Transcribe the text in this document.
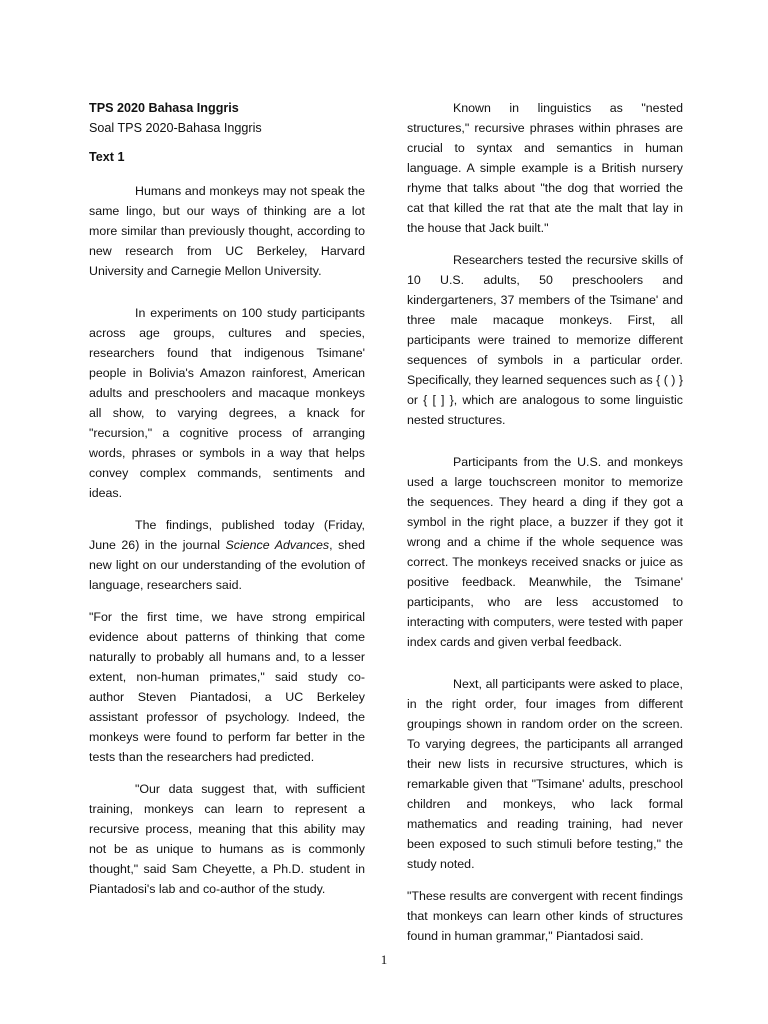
TPS 2020 Bahasa Inggris

Soal TPS 2020-Bahasa Inggris

Text 1

Humans and monkeys may not speak the same lingo, but our ways of thinking are a lot more similar than previously thought, according to new research from UC Berkeley, Harvard University and Carnegie Mellon University.

In experiments on 100 study participants across age groups, cultures and species, researchers found that indigenous Tsimane' people in Bolivia's Amazon rainforest, American adults and preschoolers and macaque monkeys all show, to varying degrees, a knack for "recursion," a cognitive process of arranging words, phrases or symbols in a way that helps convey complex commands, sentiments and ideas.

The findings, published today (Friday, June 26) in the journal Science Advances, shed new light on our understanding of the evolution of language, researchers said.

"For the first time, we have strong empirical evidence about patterns of thinking that come naturally to probably all humans and, to a lesser extent, non-human primates," said study co-author Steven Piantadosi, a UC Berkeley assistant professor of psychology. Indeed, the monkeys were found to perform far better in the tests than the researchers had predicted.

"Our data suggest that, with sufficient training, monkeys can learn to represent a recursive process, meaning that this ability may not be as unique to humans as is commonly thought," said Sam Cheyette, a Ph.D. student in Piantadosi's lab and co-author of the study.

Known in linguistics as "nested structures," recursive phrases within phrases are crucial to syntax and semantics in human language. A simple example is a British nursery rhyme that talks about "the dog that worried the cat that killed the rat that ate the malt that lay in the house that Jack built."

Researchers tested the recursive skills of 10 U.S. adults, 50 preschoolers and kindergarteners, 37 members of the Tsimane' and three male macaque monkeys. First, all participants were trained to memorize different sequences of symbols in a particular order. Specifically, they learned sequences such as { ( ) } or { [ ] }, which are analogous to some linguistic nested structures.

Participants from the U.S. and monkeys used a large touchscreen monitor to memorize the sequences. They heard a ding if they got a symbol in the right place, a buzzer if they got it wrong and a chime if the whole sequence was correct. The monkeys received snacks or juice as positive feedback. Meanwhile, the Tsimane' participants, who are less accustomed to interacting with computers, were tested with paper index cards and given verbal feedback.

Next, all participants were asked to place, in the right order, four images from different groupings shown in random order on the screen. To varying degrees, the participants all arranged their new lists in recursive structures, which is remarkable given that "Tsimane' adults, preschool children and monkeys, who lack formal mathematics and reading training, had never been exposed to such stimuli before testing," the study noted.

"These results are convergent with recent findings that monkeys can learn other kinds of structures found in human grammar," Piantadosi said.

1
